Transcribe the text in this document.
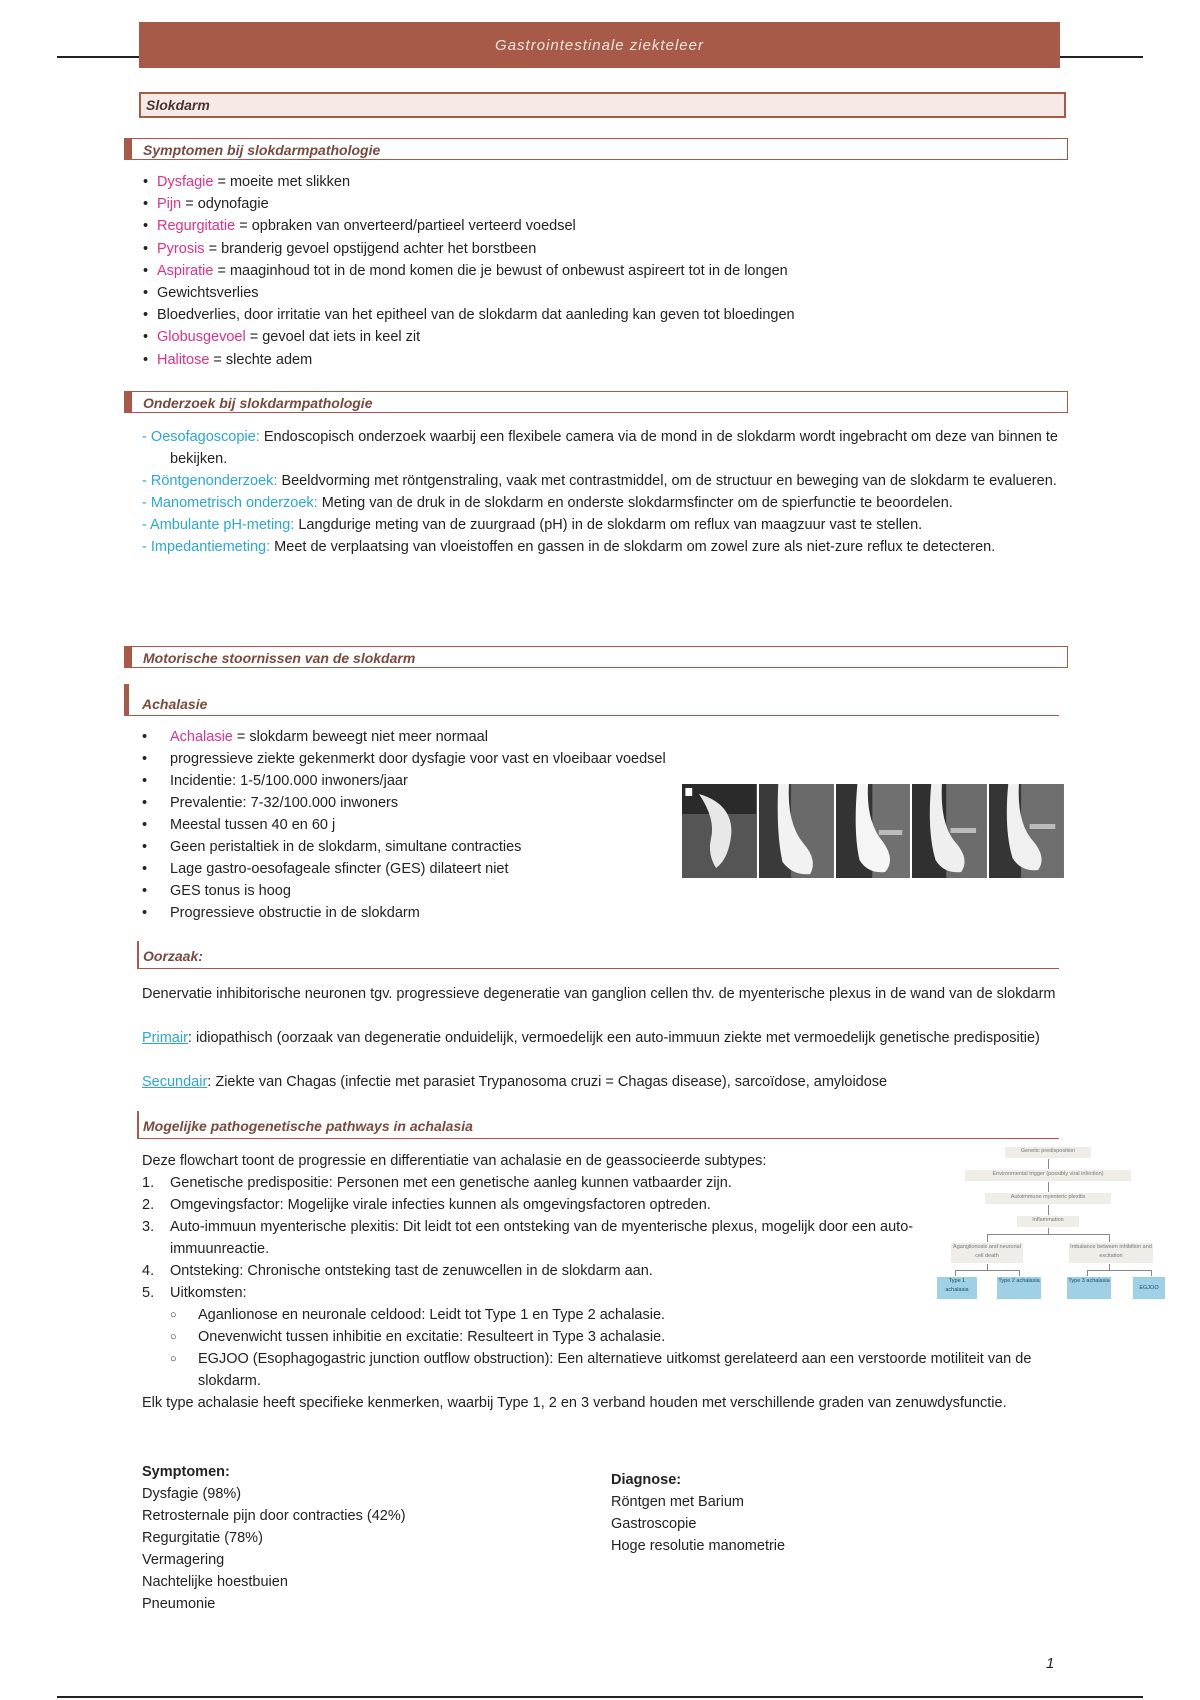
Gastrointestinale ziekteleer
Slokdarm
Symptomen bij slokdarmpathologie
• Dysfagie = moeite met slikken
• Pijn = odynofagie
• Regurgitatie = opbraken van onverteerd/partieel verteerd voedsel
• Pyrosis = branderig gevoel opstijgend achter het borstbeen
• Aspiratie = maaginhoud tot in de mond komen die je bewust of onbewust aspireert tot in de longen
• Gewichtsverlies
• Bloedverlies, door irritatie van het epitheel van de slokdarm dat aanleding kan geven tot bloedingen
• Globusgevoel = gevoel dat iets in keel zit
• Halitose = slechte adem
Onderzoek bij slokdarmpathologie
- Oesofagoscopie: Endoscopisch onderzoek waarbij een flexibele camera via de mond in de slokdarm wordt ingebracht om deze van binnen te bekijken.
- Röntgenonderzoek: Beeldvorming met röntgenstraling, vaak met contrastmiddel, om de structuur en beweging van de slokdarm te evalueren.
- Manometrisch onderzoek: Meting van de druk in de slokdarm en onderste slokdarmsfincter om de spierfunctie te beoordelen.
- Ambulante pH-meting: Langdurige meting van de zuurgraad (pH) in de slokdarm om reflux van maagzuur vast te stellen.
- Impedantiemeting: Meet de verplaatsing van vloeistoffen en gassen in de slokdarm om zowel zure als niet-zure reflux te detecteren.
Motorische stoornissen van de slokdarm
Achalasie
• Achalasie = slokdarm beweegt niet meer normaal
• progressieve ziekte gekenmerkt door dysfagie voor vast en vloeibaar voedsel
• Incidentie: 1-5/100.000 inwoners/jaar
• Prevalentie: 7-32/100.000 inwoners
• Meestal tussen 40 en 60 j
• Geen peristaltiek in de slokdarm, simultane contracties
• Lage gastro-oesofageale sfincter (GES) dilateert niet
• GES tonus is hoog
• Progressieve obstructie in de slokdarm
Oorzaak:
Denervatie inhibitorische neuronen tgv. progressieve degeneratie van ganglion cellen thv. de myenterische plexus in de wand van de slokdarm
Primair: idiopathisch (oorzaak van degeneratie onduidelijk, vermoedelijk een auto-immuun ziekte met vermoedelijk genetische predispositie)
Secundair: Ziekte van Chagas (infectie met parasiet Trypanosoma cruzi = Chagas disease), sarcoïdose, amyloidose
Mogelijke pathogenetische pathways in achalasia
Deze flowchart toont de progressie en differentiatie van achalasie en de geassocieerde subtypes:
1. Genetische predispositie: Personen met een genetische aanleg kunnen vatbaarder zijn.
2. Omgevingsfactor: Mogelijke virale infecties kunnen als omgevingsfactoren optreden.
3. Auto-immuun myenterische plexitis: Dit leidt tot een ontsteking van de myenterische plexus, mogelijk door een auto-immuunreactie.
4. Ontsteking: Chronische ontsteking tast de zenuwcellen in de slokdarm aan.
5. Uitkomsten:
○ Aganlionose en neuronale celdood: Leidt tot Type 1 en Type 2 achalasie.
○ Onevenwicht tussen inhibitie en excitatie: Resulteert in Type 3 achalasie.
○ EGJOO (Esophagogastric junction outflow obstruction): Een alternatieve uitkomst gerelateerd aan een verstoorde motiliteit van de slokdarm.
Elk type achalasie heeft specifieke kenmerken, waarbij Type 1, 2 en 3 verband houden met verschillende graden van zenuwdysfunctie.
Genetic predisposition
Environmental trigger (possibly viral infection)
Autoimmune myenteric plexitis
Inflammation
Aganglionosis and neuronal cell death
Imbalance between inhibition and excitation
Type 1 achalasia
Type 2 achalasia	Type 3 achalasia
EGJOO
Symptomen:
Dysfagie (98%)
Retrosternale pijn door contracties (42%)
Regurgitatie (78%)
Vermagering
Nachtelijke hoestbuien
Pneumonie
Diagnose:
Röntgen met Barium
Gastroscopie
Hoge resolutie manometrie
1
